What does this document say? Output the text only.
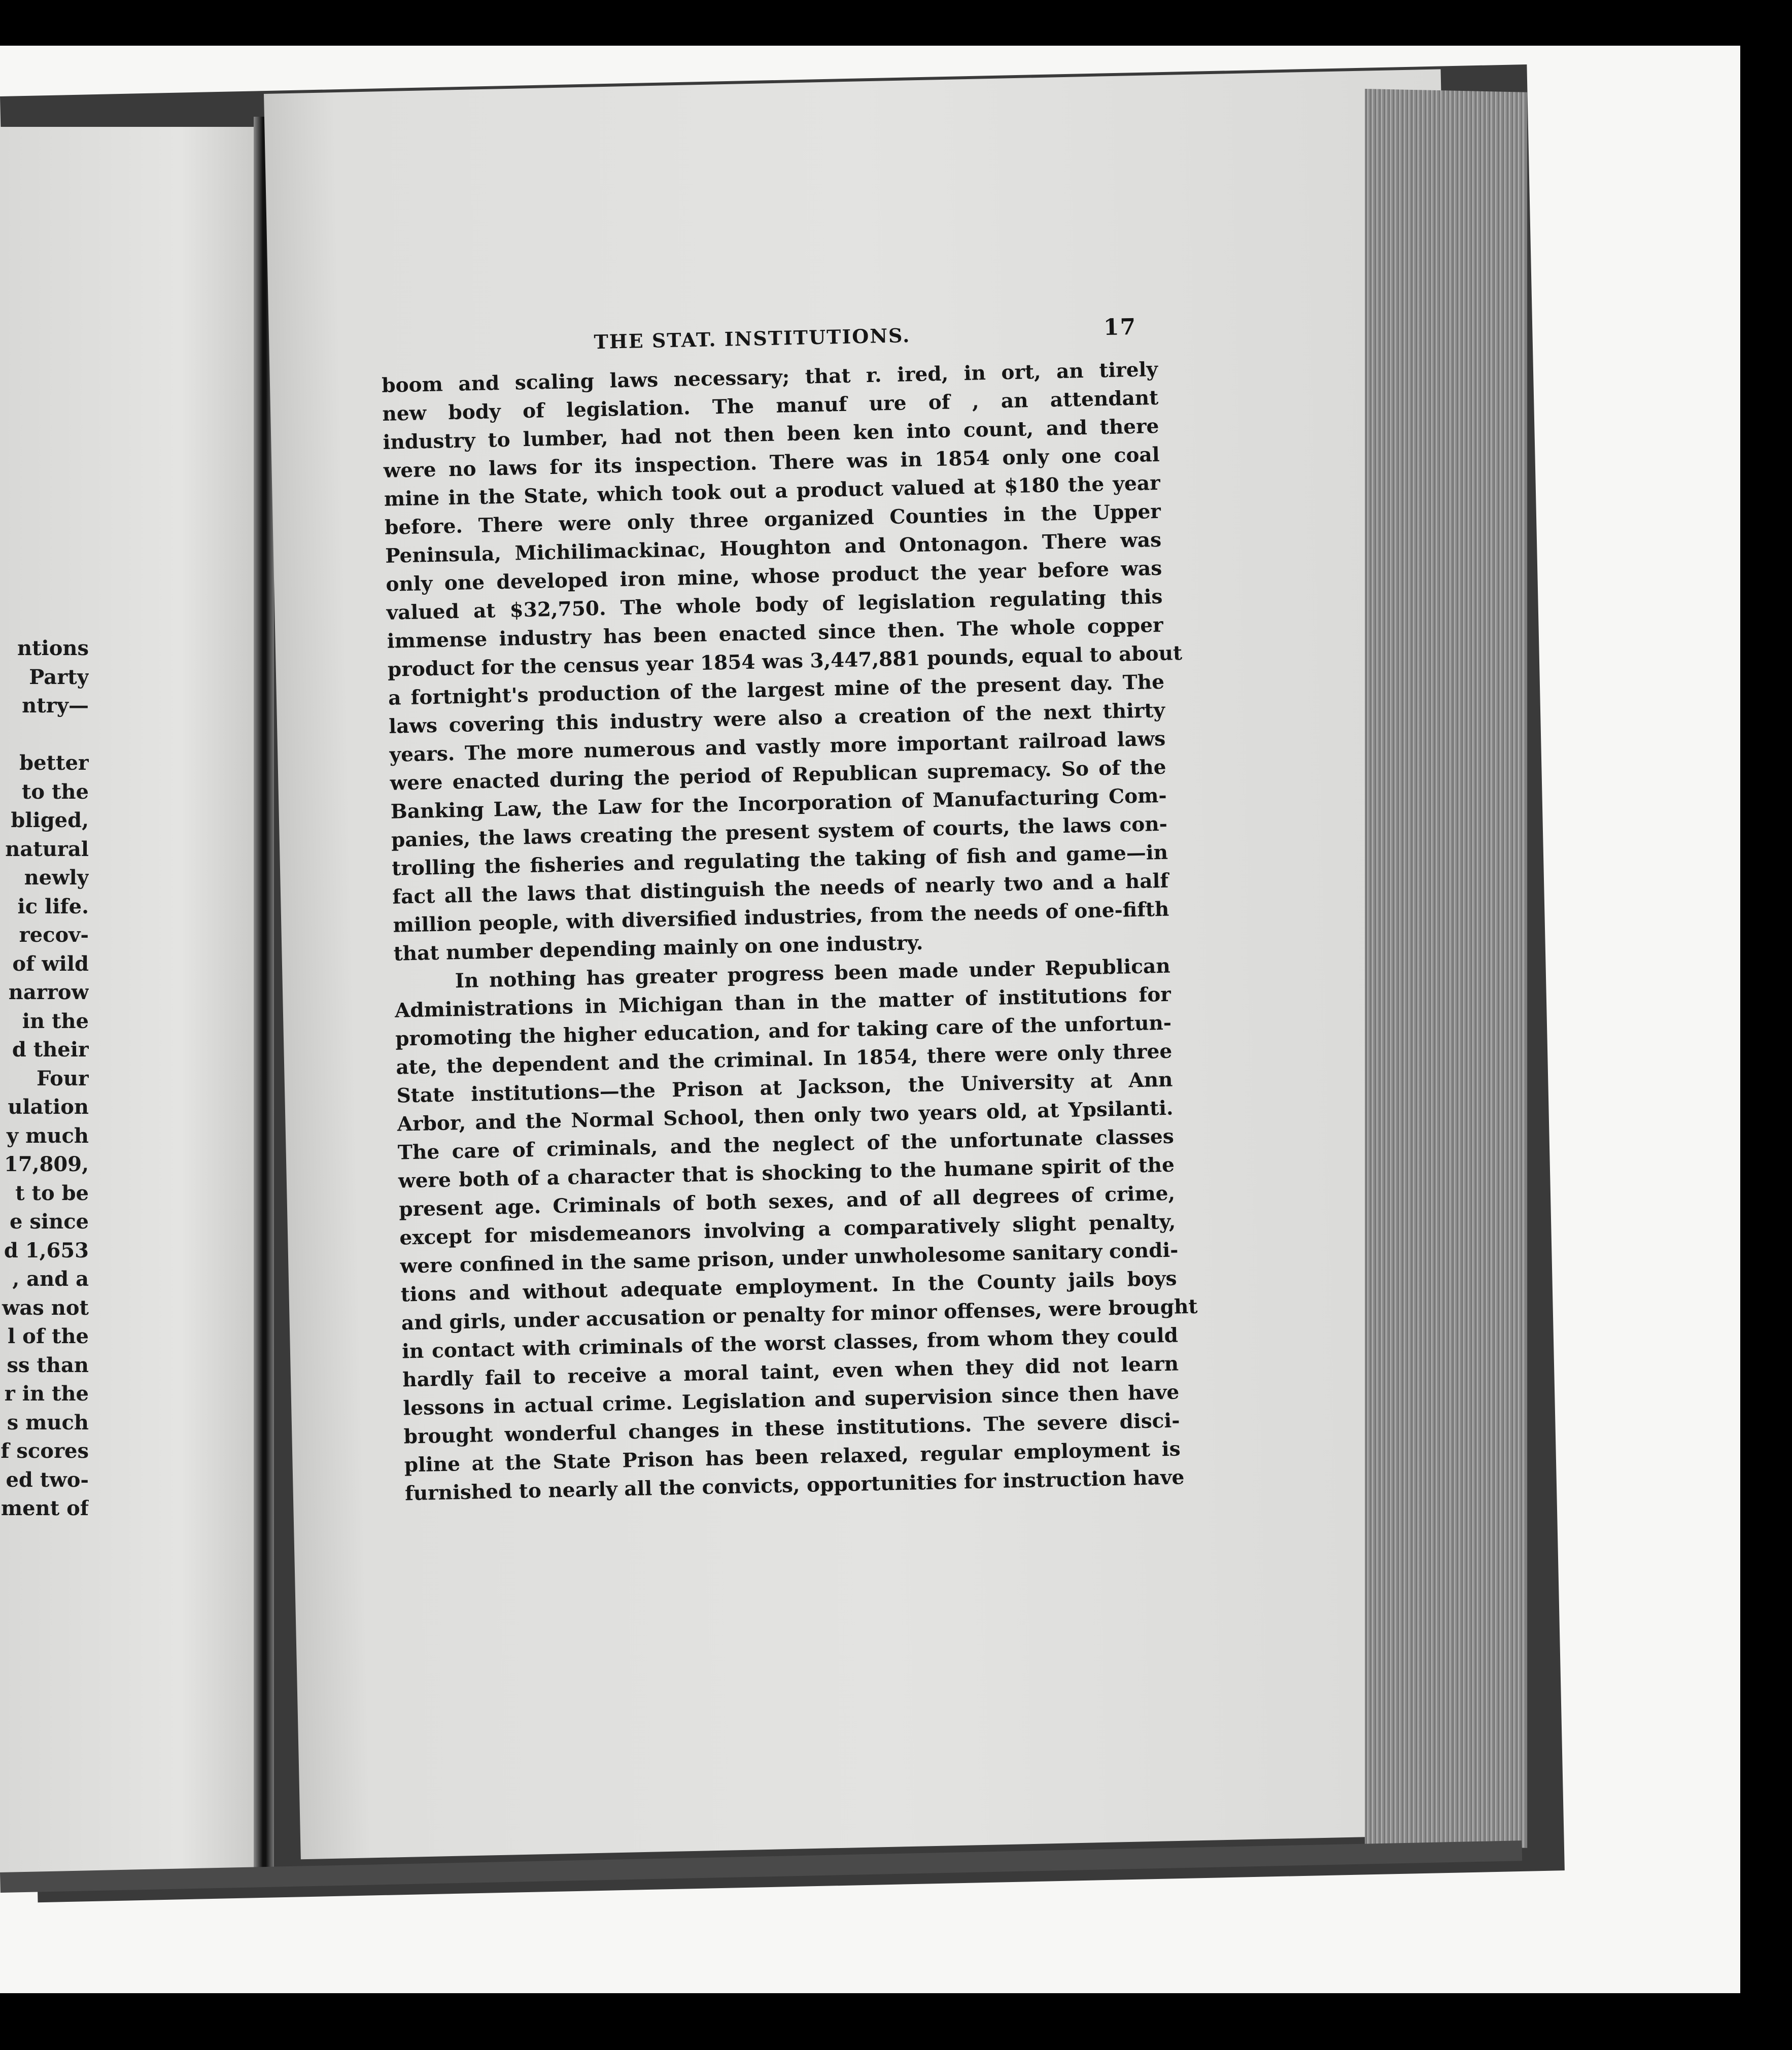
ntions
Party
ntry—
better
to the
bliged,
natural
newly
ic life.
recov-
of wild
narrow
in the
d their
Four
ulation
y much
17,809,
t to be
e since
d 1,653
, and a
was not
l of the
ss than
r in the
s much
f scores
ed two-
ment of
THE STAT. INSTITUTIONS.	17
boom and scaling laws necessary; that r. ired, in ort, an tirely
new body of legislation. The manuf ure of , an attendant
industry to lumber, had not then been ken into count, and there
were no laws for its inspection. There was in 1854 only one coal
mine in the State, which took out a product valued at $180 the year
before. There were only three organized Counties in the Upper
Peninsula, Michilimackinac, Houghton and Ontonagon. There was
only one developed iron mine, whose product the year before was
valued at $32,750. The whole body of legislation regulating this
immense industry has been enacted since then. The whole copper
product for the census year 1854 was 3,447,881 pounds, equal to about
a fortnight's production of the largest mine of the present day. The
laws covering this industry were also a creation of the next thirty
years. The more numerous and vastly more important railroad laws
were enacted during the period of Republican supremacy. So of the
Banking Law, the Law for the Incorporation of Manufacturing Com-
panies, the laws creating the present system of courts, the laws con-
trolling the fisheries and regulating the taking of fish and game—in
fact all the laws that distinguish the needs of nearly two and a half
million people, with diversified industries, from the needs of one-fifth
that number depending mainly on one industry.
In nothing has greater progress been made under Republican
Administrations in Michigan than in the matter of institutions for
promoting the higher education, and for taking care of the unfortun-
ate, the dependent and the criminal. In 1854, there were only three
State institutions—the Prison at Jackson, the University at Ann
Arbor, and the Normal School, then only two years old, at Ypsilanti.
The care of criminals, and the neglect of the unfortunate classes
were both of a character that is shocking to the humane spirit of the
present age. Criminals of both sexes, and of all degrees of crime,
except for misdemeanors involving a comparatively slight penalty,
were confined in the same prison, under unwholesome sanitary condi-
tions and without adequate employment. In the County jails boys
and girls, under accusation or penalty for minor offenses, were brought
in contact with criminals of the worst classes, from whom they could
hardly fail to receive a moral taint, even when they did not learn
lessons in actual crime. Legislation and supervision since then have
brought wonderful changes in these institutions. The severe disci-
pline at the State Prison has been relaxed, regular employment is
furnished to nearly all the convicts, opportunities for instruction have
